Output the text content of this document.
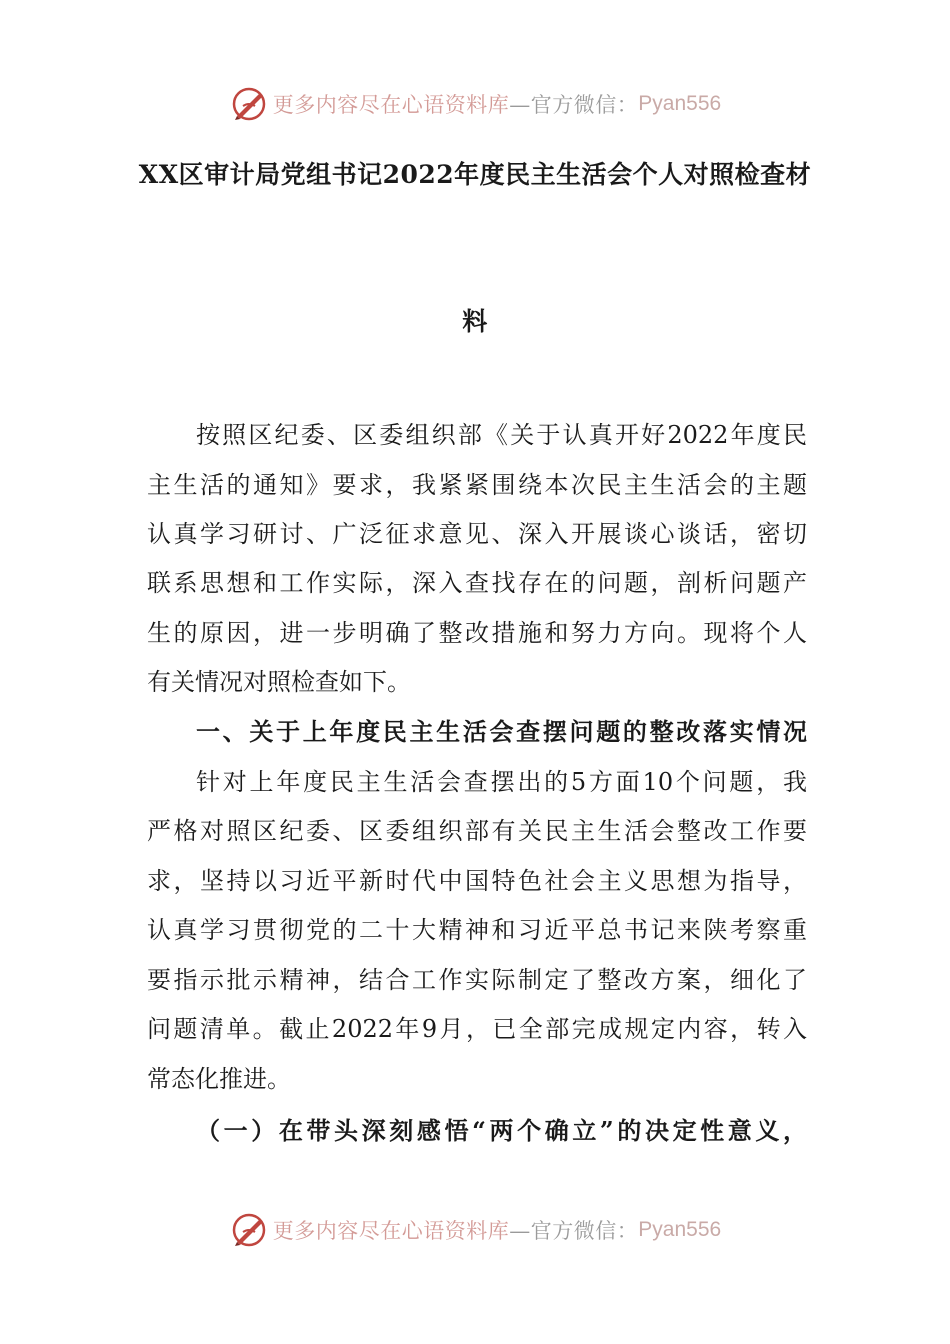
更多内容尽在心语资料库 —官方微信： Pyan556
XX区审计局党组书记2022年度民主生活会个人对照检查材
料
按照区纪委、区委组织部《关于认真开好2022年度民
主生活的通知》要求，我紧紧围绕本次民主生活会的主题
认真学习研讨、广泛征求意见、深入开展谈心谈话，密切
联系思想和工作实际，深入查找存在的问题，剖析问题产
生的原因，进一步明确了整改措施和努力方向。现将个人
有关情况对照检查如下。
一、关于上年度民主生活会查摆问题的整改落实情况
针对上年度民主生活会查摆出的5方面10个问题，我
严格对照区纪委、区委组织部有关民主生活会整改工作要
求，坚持以习近平新时代中国特色社会主义思想为指导，
认真学习贯彻党的二十大精神和习近平总书记来陕考察重
要指示批示精神，结合工作实际制定了整改方案，细化了
问题清单。截止2022年9月，已全部完成规定内容，转入
常态化推进。
（一）在带头深刻感悟“两个确立”的决定性意义，
更多内容尽在心语资料库 —官方微信： Pyan556
